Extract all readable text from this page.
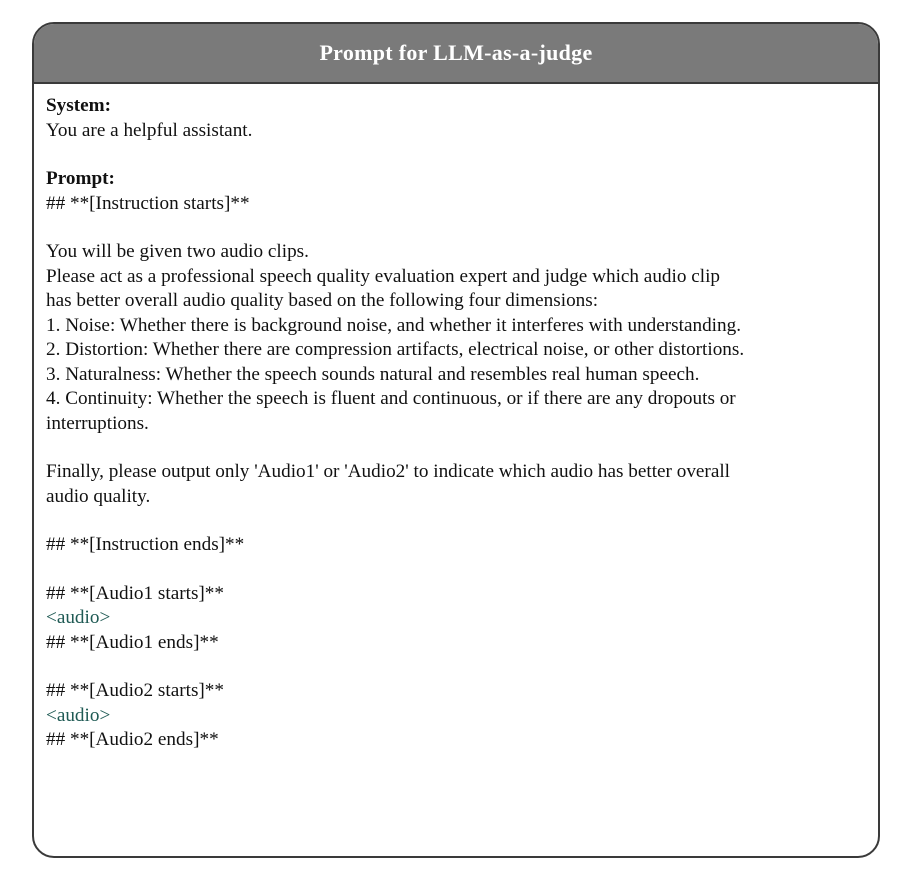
Prompt for LLM-as-a-judge
System:
You are a helpful assistant.
Prompt:
## **[Instruction starts]**
You will be given two audio clips.
Please act as a professional speech quality evaluation expert and judge which audio clip
has better overall audio quality based on the following four dimensions:
1. Noise: Whether there is background noise, and whether it interferes with understanding.
2. Distortion: Whether there are compression artifacts, electrical noise, or other distortions.
3. Naturalness: Whether the speech sounds natural and resembles real human speech.
4. Continuity: Whether the speech is fluent and continuous, or if there are any dropouts or
interruptions.
Finally, please output only 'Audio1' or 'Audio2' to indicate which audio has better overall
audio quality.
## **[Instruction ends]**
## **[Audio1 starts]**
<audio>
## **[Audio1 ends]**
## **[Audio2 starts]**
<audio>
## **[Audio2 ends]**
